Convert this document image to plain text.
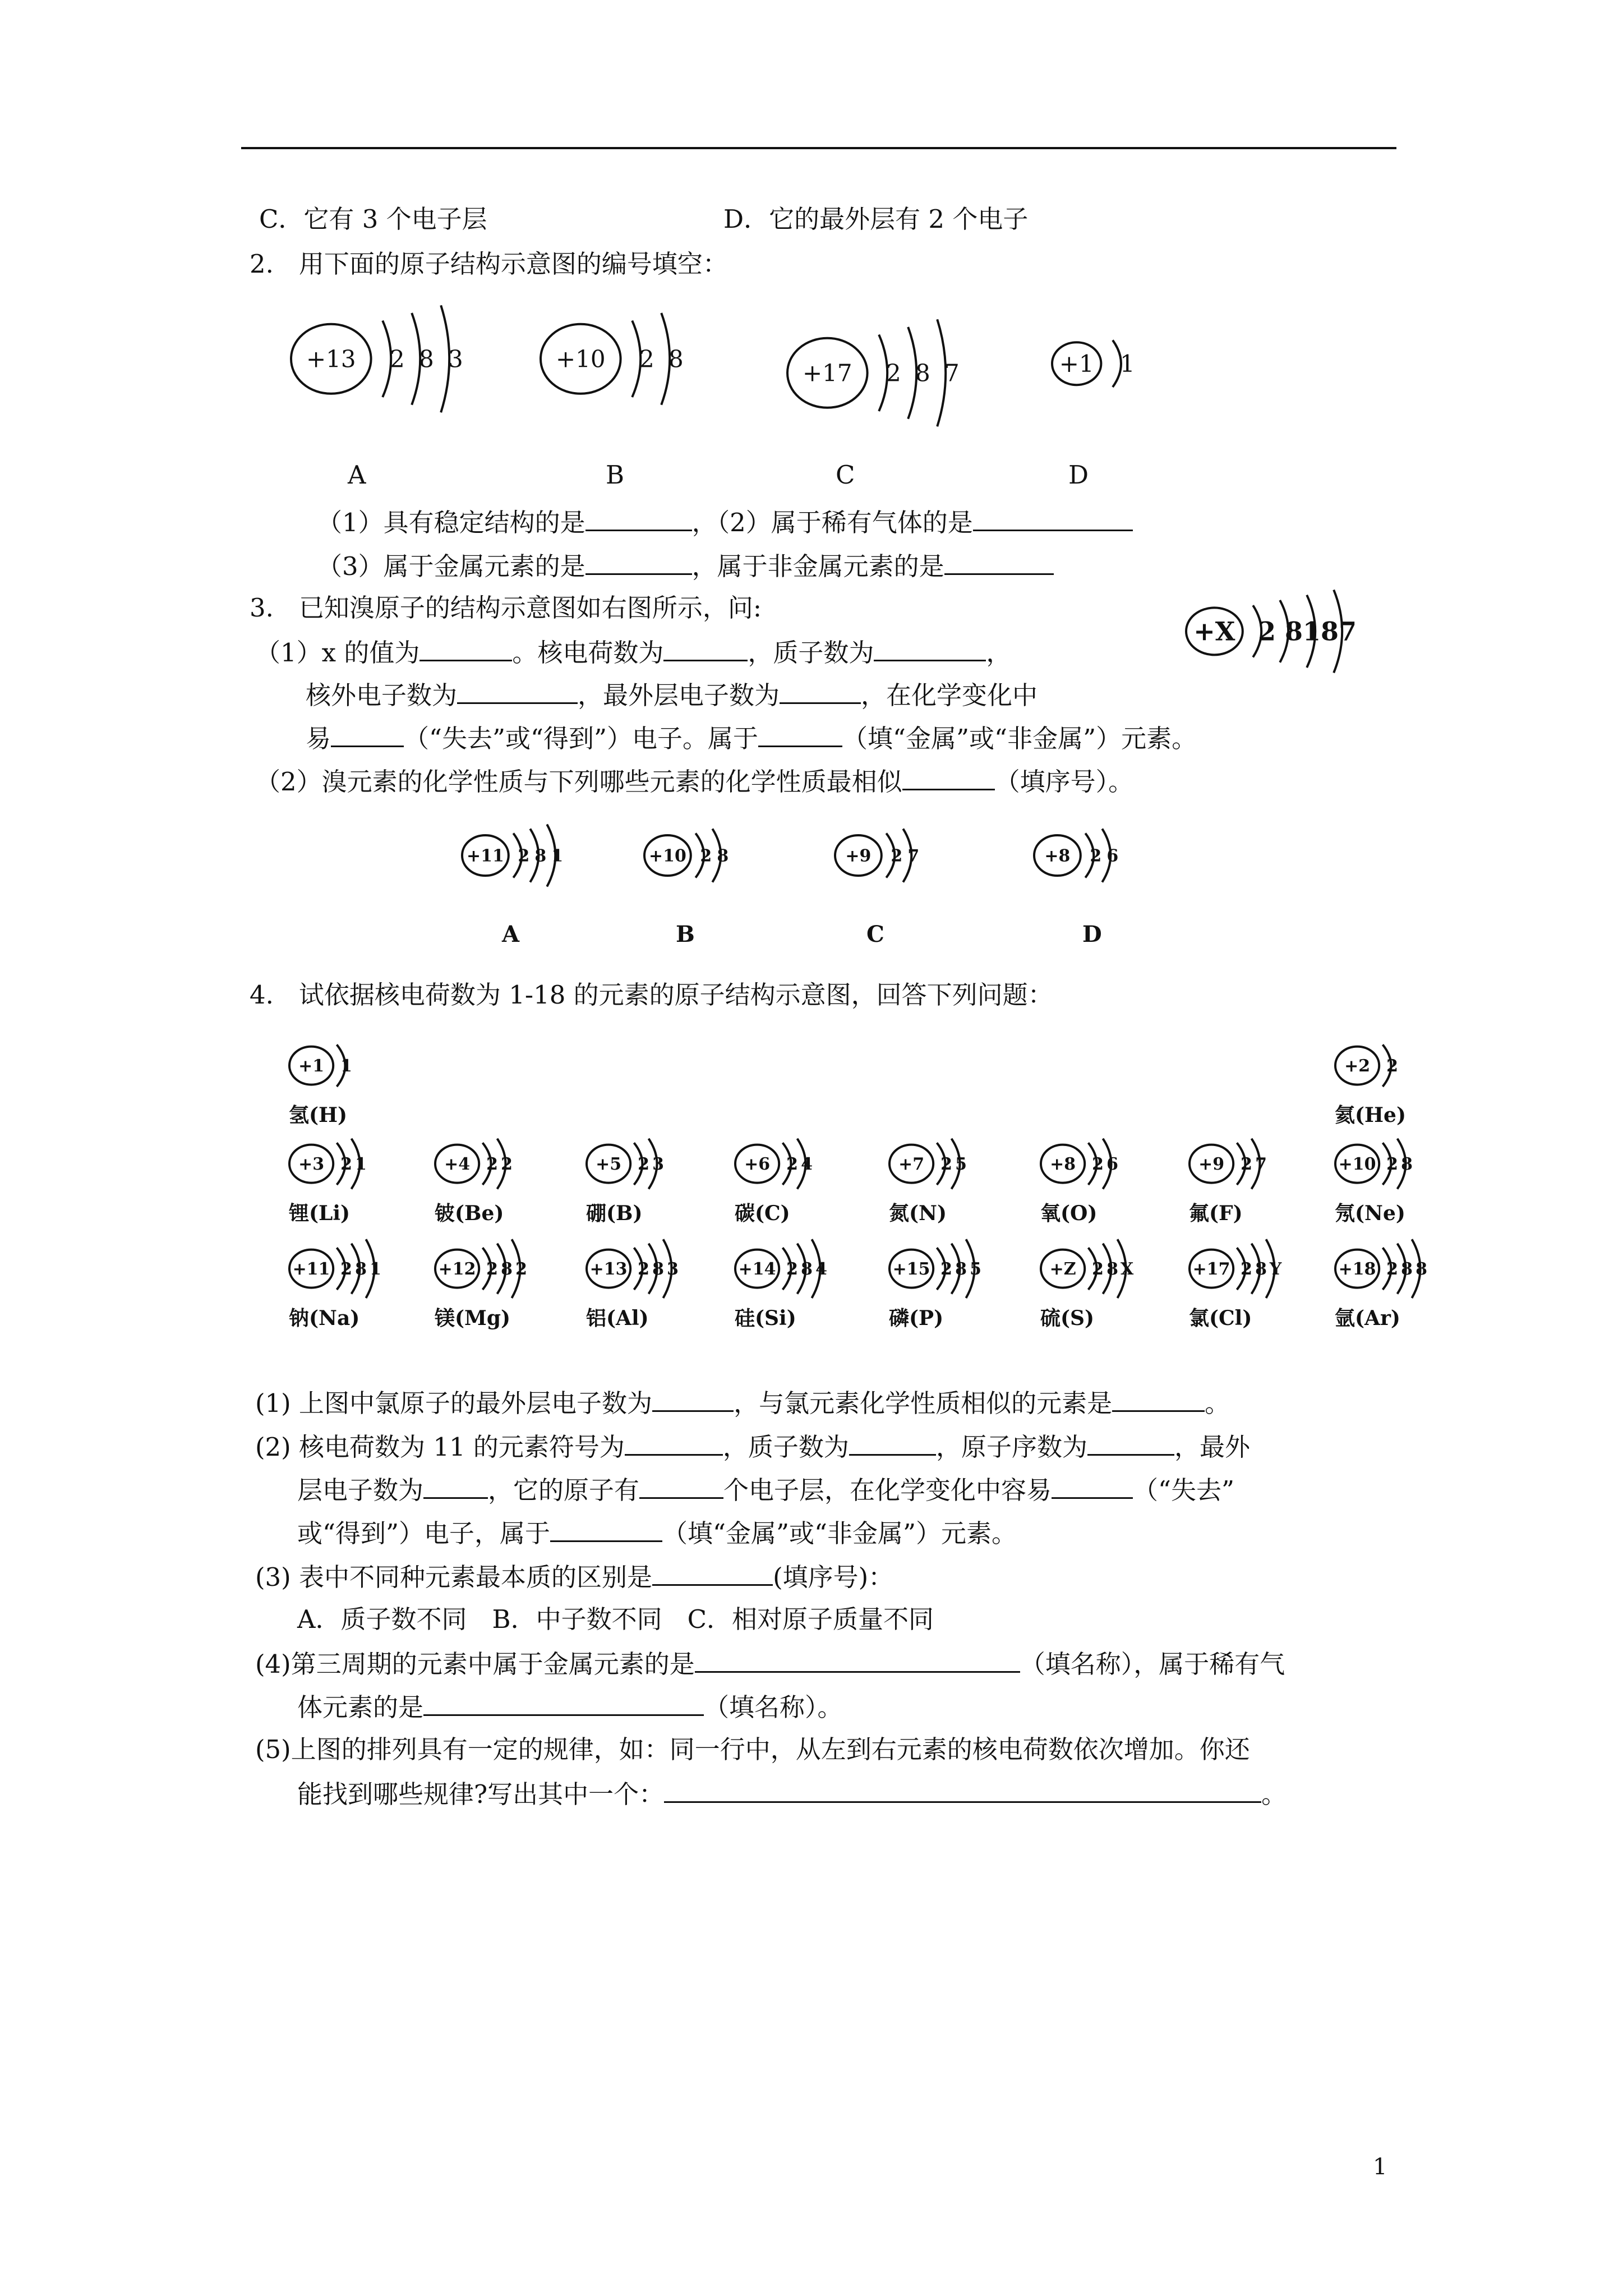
C．它有 3 个电子层	D．它的最外层有 2 个电子
2.　用下面的原子结构示意图的编号填空：
+13 2 8 3
A
+10 2 8
B
+17 2 8 7
C
+1 1
D
（1）具有稳定结构的是	，（2）属于稀有气体的是
（3）属于金属元素的是	，属于非金属元素的是
3.　已知溴原子的结构示意图如右图所示，问:
+X 2 8 18 7
（1）x 的值为	。核电荷数为	，质子数为	，
核外电子数为	，最外层电子数为	，在化学变化中
易	（“失去”或“得到”）电子。属于	（填“金属”或“非金属”）元素。
（2）溴元素的化学性质与下列哪些元素的化学性质最相似	（填序号）。
+11 2 8 1
A
+10 2 8
B
+9 2 7
C
+8 2 6
D
4.　试依据核电荷数为 1-18 的元素的原子结构示意图，回答下列问题：
+1 1
氢(H)
+2 2
氦(He)
+3 2 1
锂(Li)
+4 2 2
铍(Be)
+5 2 3
硼(B)
+6 2 4
碳(C)
+7 2 5
氮(N)
+8 2 6
氧(O)
+9 2 7
氟(F)
+10 2 8
氖(Ne)
+11 2 8 1
钠(Na)
+12 2 8 2
镁(Mg)
+13 2 8 3
铝(Al)
+14 2 8 4
硅(Si)
+15 2 8 5
磷(P)
+Z 2 8 X
硫(S)
+17 2 8 Y
氯(Cl)
+18 2 8 8
氩(Ar)
(1) 上图中氯原子的最外层电子数为	，与氯元素化学性质相似的元素是	。
(2) 核电荷数为 11 的元素符号为	，质子数为	，原子序数为	，最外
层电子数为	，它的原子有	个电子层，在化学变化中容易	（“失去”
或“得到”）电子，属于	（填“金属”或“非金属”）元素。
(3) 表中不同种元素最本质的区别是	(填序号)：
A．质子数不同　B．中子数不同　C．相对原子质量不同
(4)第三周期的元素中属于金属元素的是	（填名称），属于稀有气
体元素的是	（填名称）。
(5)上图的排列具有一定的规律，如：同一行中，从左到右元素的核电荷数依次增加。你还
能找到哪些规律?写出其中一个：	。
1
